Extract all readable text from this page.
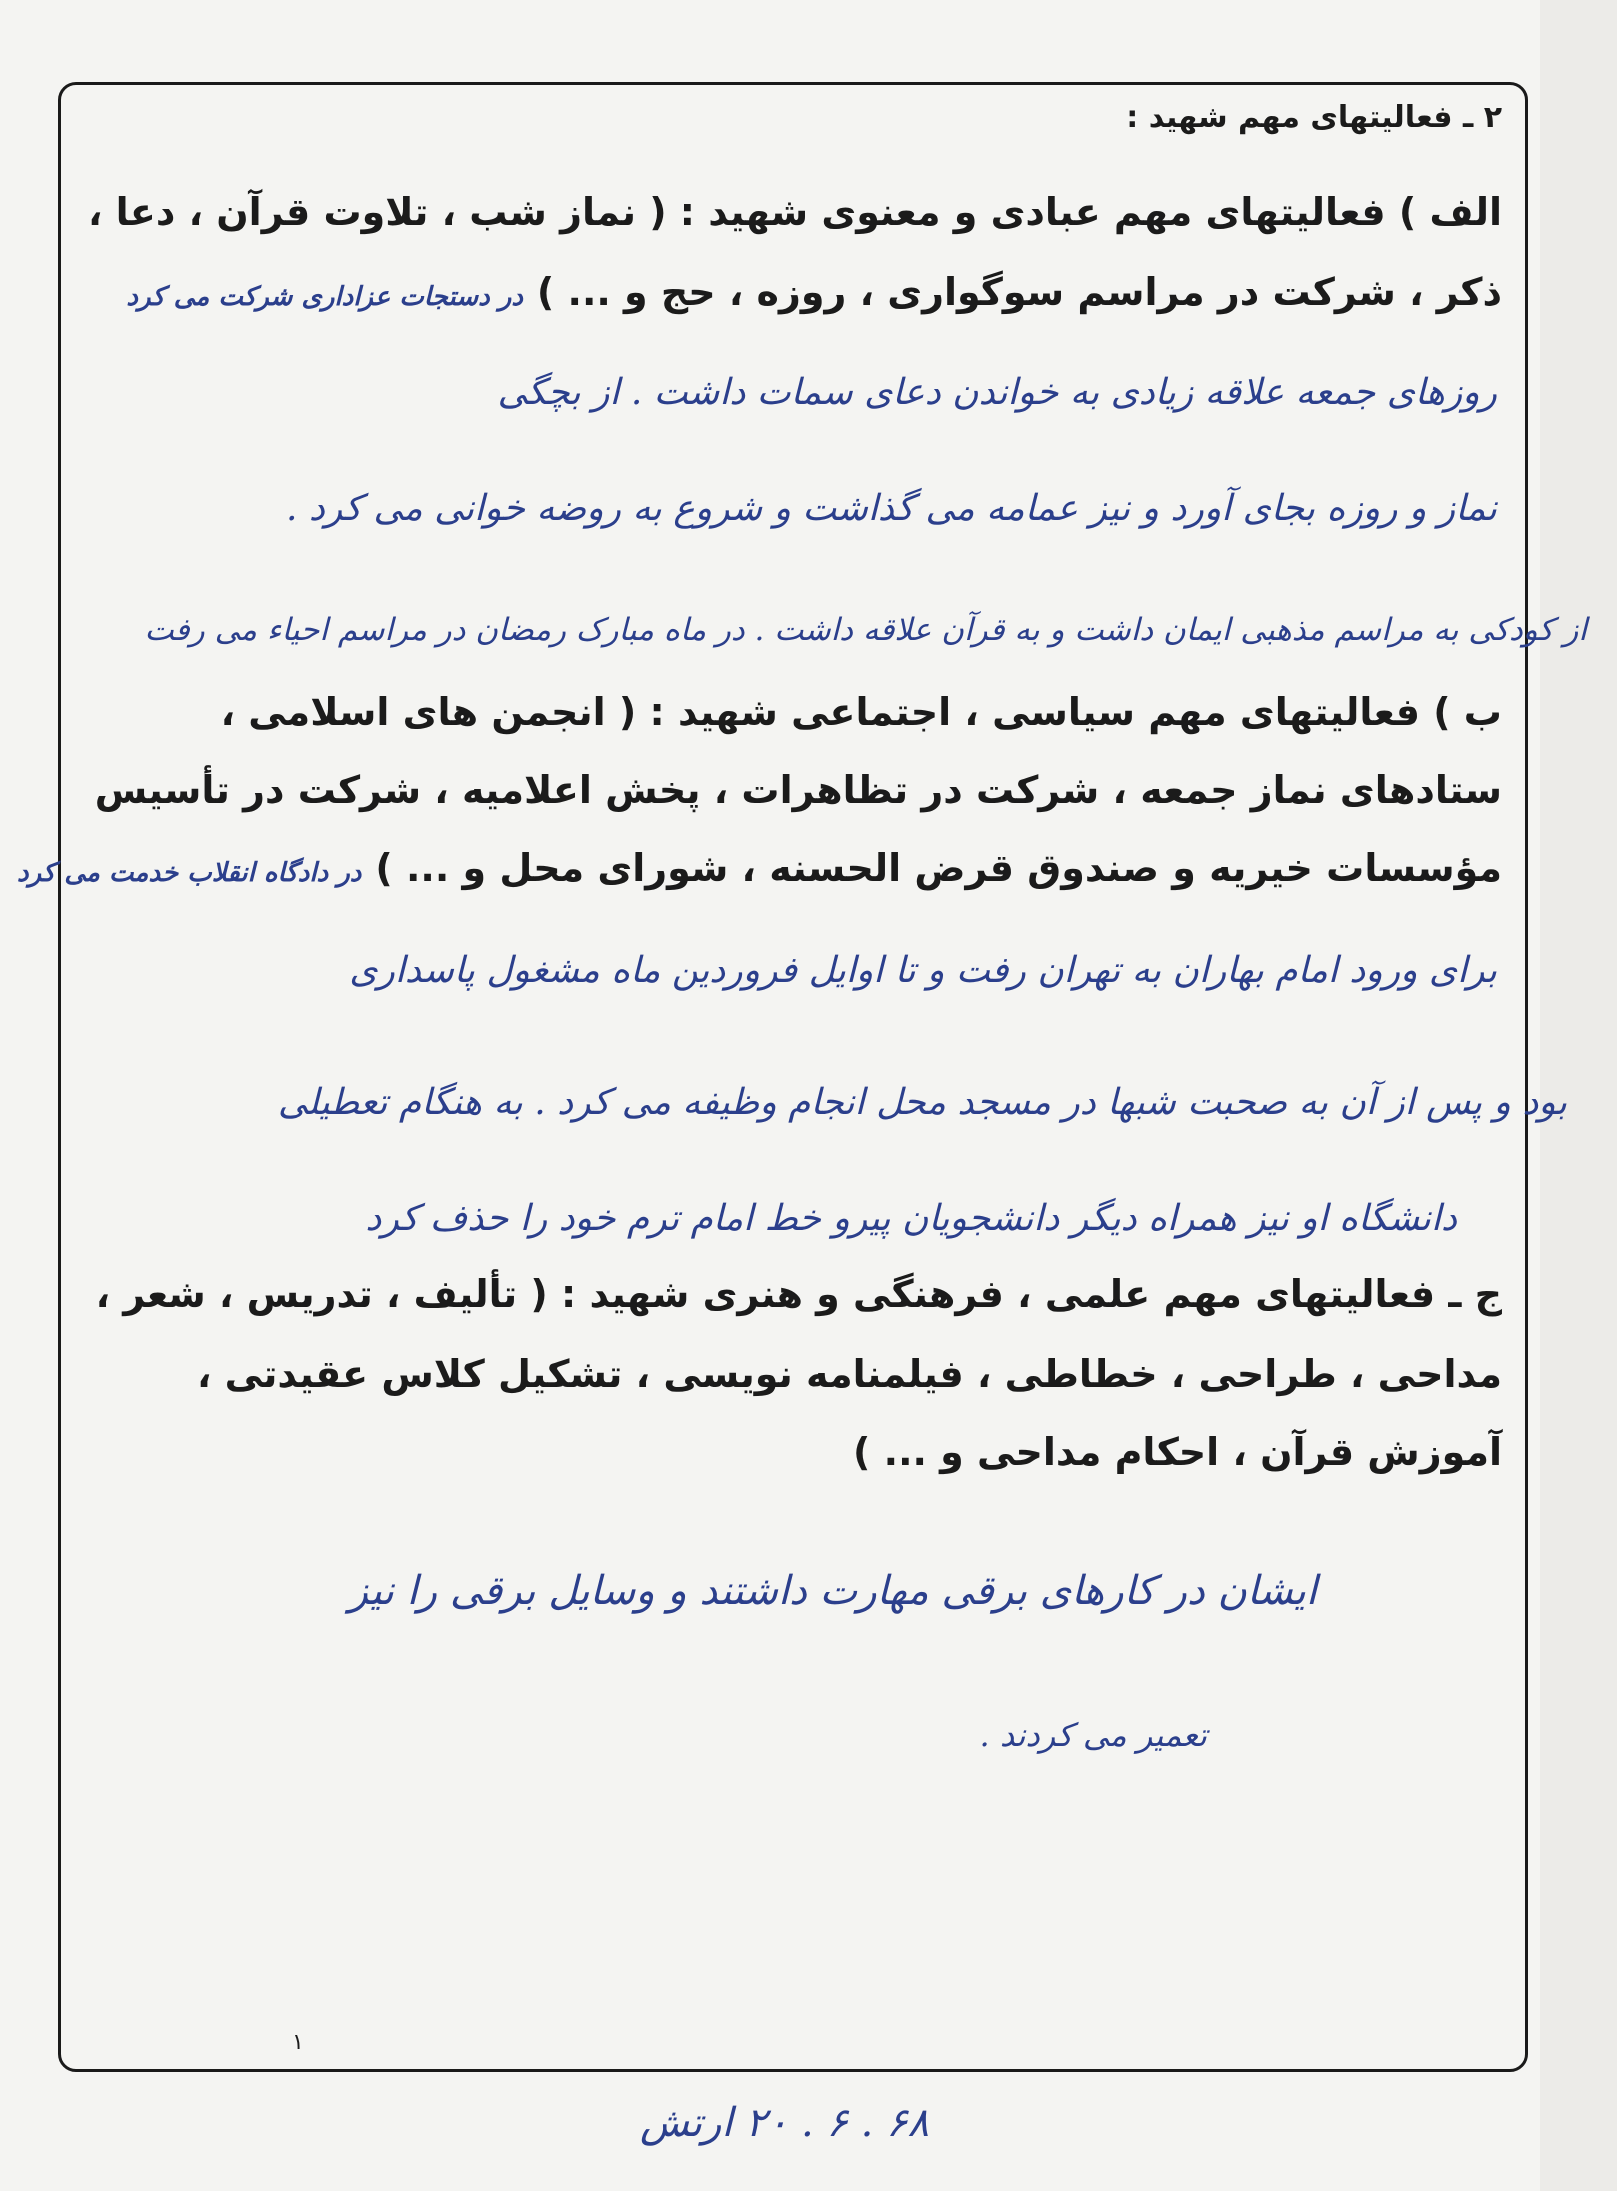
۲ ـ فعالیتهای مهم شهید :
الف ) فعالیتهای مهم عبادی و معنوی شهید : ( نماز شب ، تلاوت قرآن ، دعا ،
ذکر ، شرکت در مراسم سوگواری ، روزه ، حج و ... )در دستجات عزاداری شرکت می کرد
روزهای جمعه علاقه زیادی به خواندن دعای سمات داشت . از بچگی
نماز و روزه بجای آورد و نیز عمامه می گذاشت و شروع به روضه خوانی می کرد .
از کودکی به مراسم مذهبی ایمان داشت و به قرآن علاقه داشت . در ماه مبارک رمضان در مراسم احیاء می رفت
ب ) فعالیتهای مهم سیاسی ، اجتماعی شهید : ( انجمن های اسلامی ،
ستادهای نماز جمعه ، شرکت در تظاهرات ، پخش اعلامیه ، شرکت در تأسیس
مؤسسات خیریه و صندوق قرض الحسنه ، شورای محل و ... )در دادگاه انقلاب خدمت می کرد
برای ورود امام بهاران به تهران رفت و تا اوایل فروردین ماه مشغول پاسداری
بود و پس از آن به صحبت شبها در مسجد محل انجام وظیفه می کرد . به هنگام تعطیلی
دانشگاه او نیز همراه دیگر دانشجویان پیرو خط امام ترم خود را حذف کرد
ج ـ فعالیتهای مهم علمی ، فرهنگی و هنری شهید : ( تألیف ، تدریس ، شعر ،
مداحی ، طراحی ، خطاطی ، فیلمنامه نویسی ، تشکیل کلاس عقیدتی ،
آموزش قرآن ، احکام مداحی و ... )
ایشان در کارهای برقی مهارت داشتند و وسایل برقی را نیز
تعمیر می کردند .
۱
۶۸ . ۶ . ۲۰ ارتش
